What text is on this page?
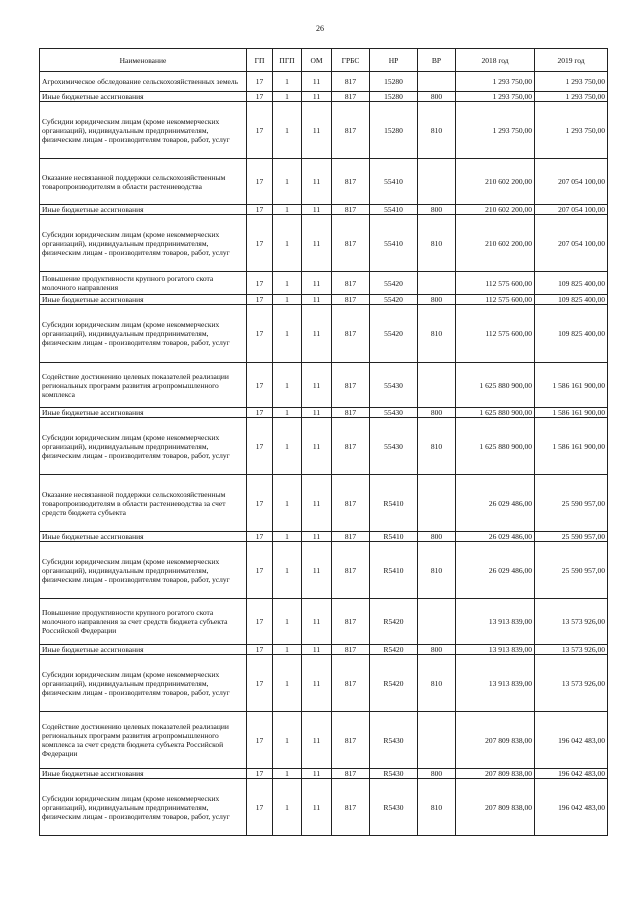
26
Наименование	ГП	ПГП	ОМ	ГРБС	НР	ВР	2018 год	2019 год
Агрохимическое обследование сельскохозяйственных земель	17	1	11	817	15280		1 293 750,00	1 293 750,00
Иные бюджетные ассигнования	17	1	11	817	15280	800	1 293 750,00	1 293 750,00
Субсидии юридическим лицам (кроме некоммерческих организаций), индивидуальным предпринимателям, физическим лицам - производителям товаров, работ, услуг	17	1	11	817	15280	810	1 293 750,00	1 293 750,00
Оказание несвязанной поддержки сельскохозяйственным товаропроизводителям в области растениеводства	17	1	11	817	55410		210 602 200,00	207 054 100,00
Иные бюджетные ассигнования	17	1	11	817	55410	800	210 602 200,00	207 054 100,00
Субсидии юридическим лицам (кроме некоммерческих организаций), индивидуальным предпринимателям, физическим лицам - производителям товаров, работ, услуг	17	1	11	817	55410	810	210 602 200,00	207 054 100,00
Повышение продуктивности крупного рогатого скота молочного направления	17	1	11	817	55420		112 575 600,00	109 825 400,00
Иные бюджетные ассигнования	17	1	11	817	55420	800	112 575 600,00	109 825 400,00
Субсидии юридическим лицам (кроме некоммерческих организаций), индивидуальным предпринимателям, физическим лицам - производителям товаров, работ, услуг	17	1	11	817	55420	810	112 575 600,00	109 825 400,00
Содействие достижению целевых показателей реализации региональных программ развития агропромышленного комплекса	17	1	11	817	55430		1 625 880 900,00	1 586 161 900,00
Иные бюджетные ассигнования	17	1	11	817	55430	800	1 625 880 900,00	1 586 161 900,00
Субсидии юридическим лицам (кроме некоммерческих организаций), индивидуальным предпринимателям, физическим лицам - производителям товаров, работ, услуг	17	1	11	817	55430	810	1 625 880 900,00	1 586 161 900,00
Оказание несвязанной поддержки сельскохозяйственным товаропроизводителям в области растениеводства за счет средств бюджета субъекта	17	1	11	817	R5410		26 029 486,00	25 590 957,00
Иные бюджетные ассигнования	17	1	11	817	R5410	800	26 029 486,00	25 590 957,00
Субсидии юридическим лицам (кроме некоммерческих организаций), индивидуальным предпринимателям, физическим лицам - производителям товаров, работ, услуг	17	1	11	817	R5410	810	26 029 486,00	25 590 957,00
Повышение продуктивности крупного рогатого скота молочного направления за счет средств бюджета субъекта Российской Федерации	17	1	11	817	R5420		13 913 839,00	13 573 926,00
Иные бюджетные ассигнования	17	1	11	817	R5420	800	13 913 839,00	13 573 926,00
Субсидии юридическим лицам (кроме некоммерческих организаций), индивидуальным предпринимателям, физическим лицам - производителям товаров, работ, услуг	17	1	11	817	R5420	810	13 913 839,00	13 573 926,00
Содействие достижению целевых показателей реализации региональных программ развития агропромышленного комплекса за счет средств бюджета субъекта Российской Федерации	17	1	11	817	R5430		207 809 838,00	196 042 483,00
Иные бюджетные ассигнования	17	1	11	817	R5430	800	207 809 838,00	196 042 483,00
Субсидии юридическим лицам (кроме некоммерческих организаций), индивидуальным предпринимателям, физическим лицам - производителям товаров, работ, услуг	17	1	11	817	R5430	810	207 809 838,00	196 042 483,00
